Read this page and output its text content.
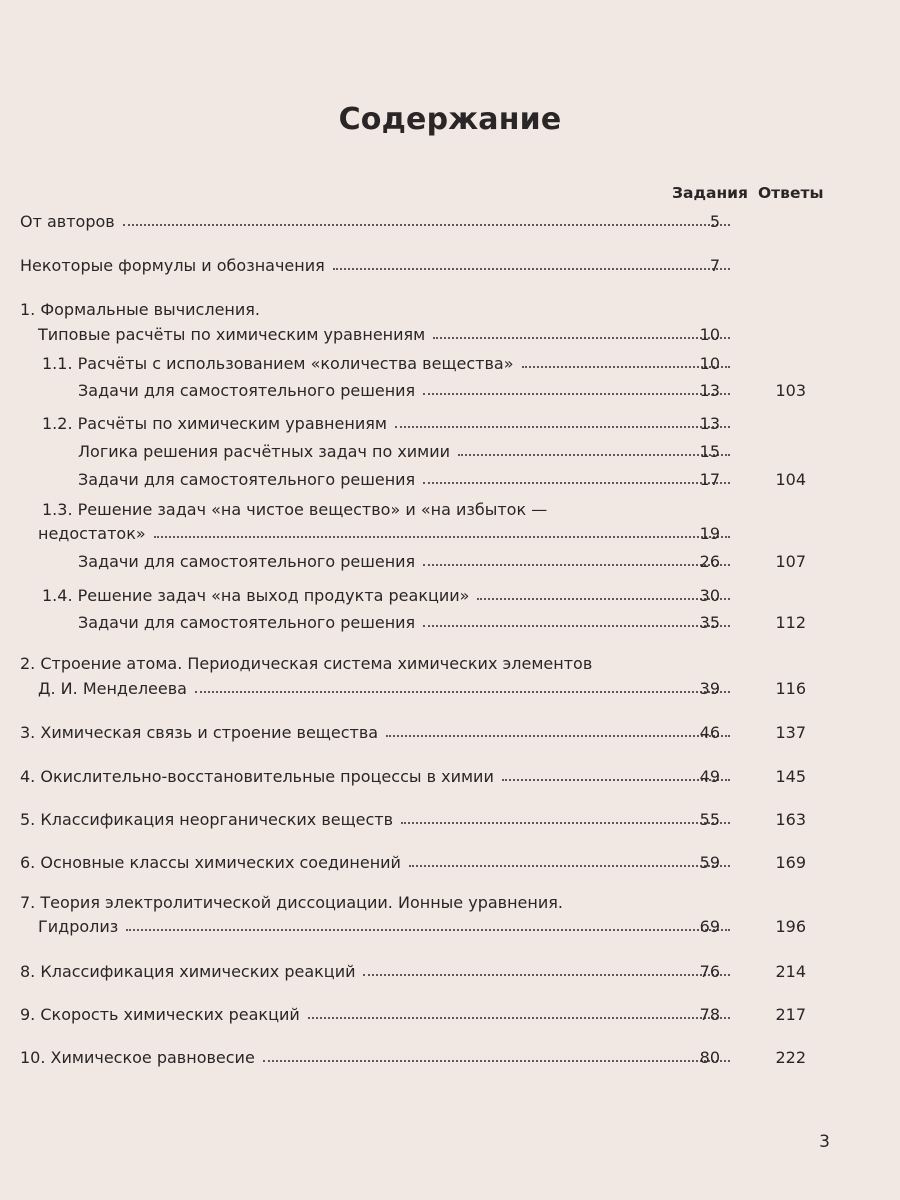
Содержание
Задания Ответы
От авторов	5
Некоторые формулы и обозначения	7
1. Формальные вычисления.
Типовые расчёты по химическим уравнениям	10
1.1. Расчёты с использованием «количества вещества»	10
Задачи для самостоятельного решения	13	103
1.2. Расчёты по химическим уравнениям	13
Логика решения расчётных задач по химии	15
Задачи для самостоятельного решения	17	104
1.3. Решение задач «на чистое вещество» и «на избыток —
недостаток»	19
Задачи для самостоятельного решения	26	107
1.4. Решение задач «на выход продукта реакции»	30
Задачи для самостоятельного решения	35	112
2. Строение атома. Периодическая система химических элементов
Д. И. Менделеева	39	116
3. Химическая связь и строение вещества	46	137
4. Окислительно-восстановительные процессы в химии	49	145
5. Классификация неорганических веществ	55	163
6. Основные классы химических соединений	59	169
7. Теория электролитической диссоциации. Ионные уравнения.
Гидролиз	69	196
8. Классификация химических реакций	76	214
9. Скорость химических реакций	78	217
10. Химическое равновесие	80	222
3
